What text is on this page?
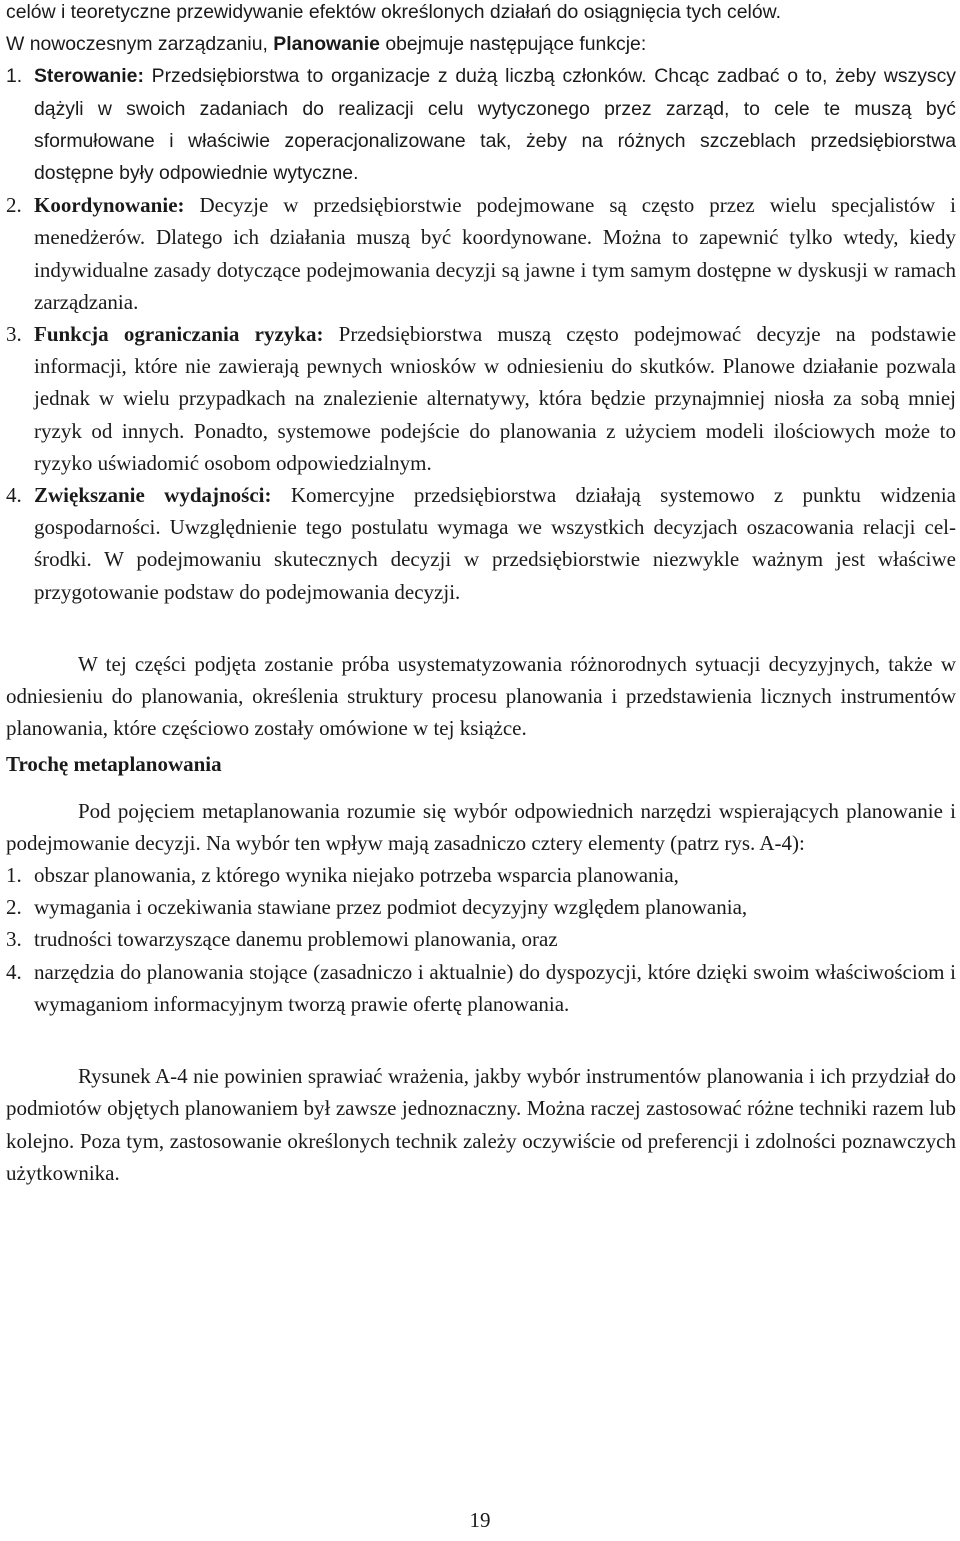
celów i teoretyczne przewidywanie efektów określonych działań do osiągnięcia tych celów.

W nowoczesnym zarządzaniu, Planowanie obejmuje następujące funkcje:

1. Sterowanie: Przedsiębiorstwa to organizacje z dużą liczbą członków. Chcąc zadbać o to, żeby wszyscy dążyli w swoich zadaniach do realizacji celu wytyczonego przez zarząd, to cele te muszą być sformułowane i właściwie zoperacjonalizowane tak, żeby na różnych szczeblach przedsiębiorstwa dostępne były odpowiednie wytyczne.
2. Koordynowanie: Decyzje w przedsiębiorstwie podejmowane są często przez wielu specjalistów i menedżerów. Dlatego ich działania muszą być koordynowane. Można to zapewnić tylko wtedy, kiedy indywidualne zasady dotyczące podejmowania decyzji są jawne i tym samym dostępne w dyskusji w ramach zarządzania.
3. Funkcja ograniczania ryzyka: Przedsiębiorstwa muszą często podejmować decyzje na podstawie informacji, które nie zawierają pewnych wniosków w odniesieniu do skutków. Planowe działanie pozwala jednak w wielu przypadkach na znalezienie alternatywy, która będzie przynajmniej niosła za sobą mniej ryzyk od innych. Ponadto, systemowe podejście do planowania z użyciem modeli ilościowych może to ryzyko uświadomić osobom odpowiedzialnym.
4. Zwiększanie wydajności: Komercyjne przedsiębiorstwa działają systemowo z punktu widzenia gospodarności. Uwzględnienie tego postulatu wymaga we wszystkich decyzjach oszacowania relacji cel-środki. W podejmowaniu skutecznych decyzji w przedsiębiorstwie niezwykle ważnym jest właściwe przygotowanie podstaw do podejmowania decyzji.

W tej części podjęta zostanie próba usystematyzowania różnorodnych sytuacji decyzyjnych, także w odniesieniu do planowania, określenia struktury procesu planowania i przedstawienia licznych instrumentów planowania, które częściowo zostały omówione w tej książce.

Trochę metaplanowania

Pod pojęciem metaplanowania rozumie się wybór odpowiednich narzędzi wspierających planowanie i podejmowanie decyzji. Na wybór ten wpływ mają zasadniczo cztery elementy (patrz rys. A-4):

1. obszar planowania, z którego wynika niejako potrzeba wsparcia planowania,
2. wymagania i oczekiwania stawiane przez podmiot decyzyjny względem planowania,
3. trudności towarzyszące danemu problemowi planowania, oraz
4. narzędzia do planowania stojące (zasadniczo i aktualnie) do dyspozycji, które dzięki swoim właściwościom i wymaganiom informacyjnym tworzą prawie ofertę planowania.

Rysunek A-4 nie powinien sprawiać wrażenia, jakby wybór instrumentów planowania i ich przydział do podmiotów objętych planowaniem był zawsze jednoznaczny. Można raczej zastosować różne techniki razem lub kolejno. Poza tym, zastosowanie określonych technik zależy oczywiście od preferencji i zdolności poznawczych użytkownika.

19
